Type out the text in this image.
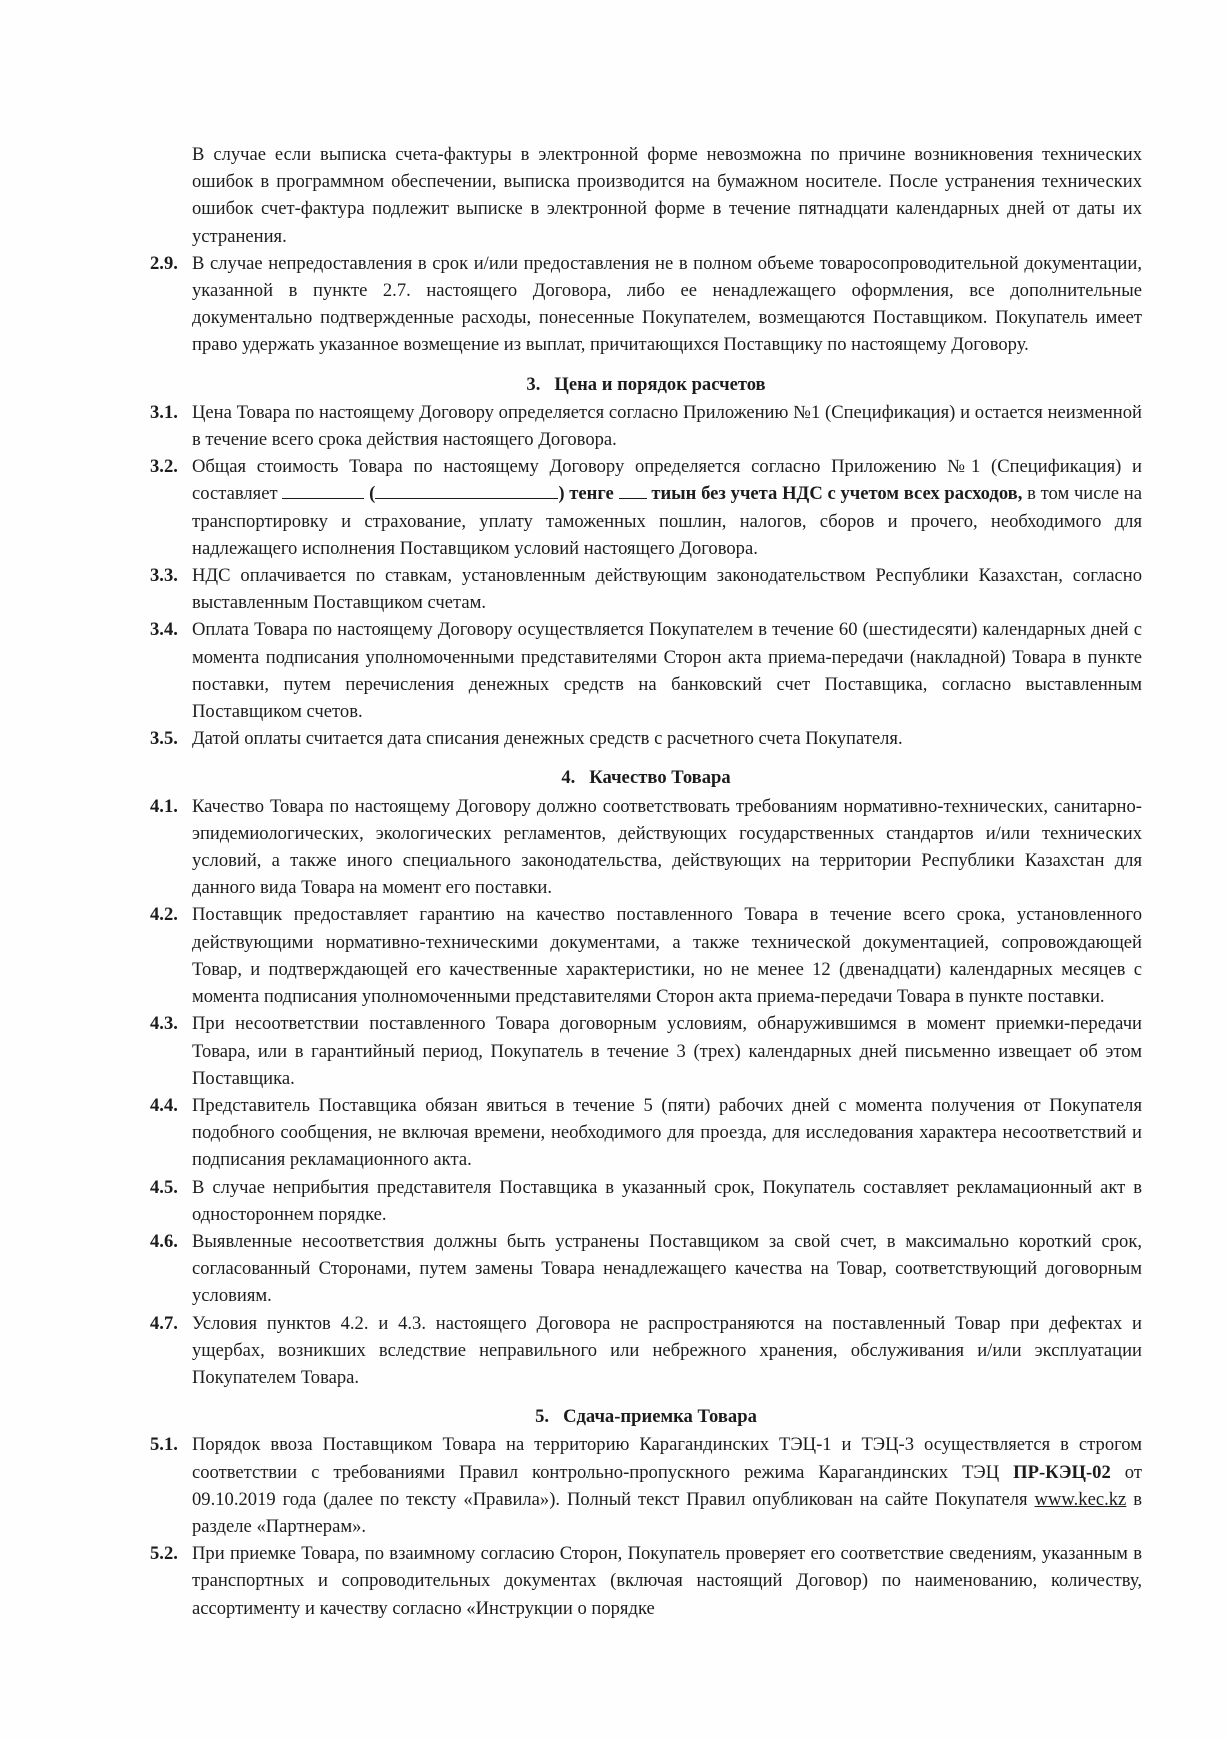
В случае если выписка счета-фактуры в электронной форме невозможна по причине возникновения технических ошибок в программном обеспечении, выписка производится на бумажном носителе. После устранения технических ошибок счет-фактура подлежит выписке в электронной форме в течение пятнадцати календарных дней от даты их устранения.
2.9. В случае непредоставления в срок и/или предоставления не в полном объеме товаросопроводительной документации, указанной в пункте 2.7. настоящего Договора, либо ее ненадлежащего оформления, все дополнительные документально подтвержденные расходы, понесенные Покупателем, возмещаются Поставщиком. Покупатель имеет право удержать указанное возмещение из выплат, причитающихся Поставщику по настоящему Договору.
3. Цена и порядок расчетов
3.1. Цена Товара по настоящему Договору определяется согласно Приложению №1 (Спецификация) и остается неизменной в течение всего срока действия настоящего Договора.
3.2. Общая стоимость Товара по настоящему Договору определяется согласно Приложению №1 (Спецификация) и составляет	(	) тенге тиын без учета НДС с учетом всех расходов, в том числе на транспортировку и страхование, уплату таможенных пошлин, налогов, сборов и прочего, необходимого для надлежащего исполнения Поставщиком условий настоящего Договора.
3.3. НДС оплачивается по ставкам, установленным действующим законодательством Республики Казахстан, согласно выставленным Поставщиком счетам.
3.4. Оплата Товара по настоящему Договору осуществляется Покупателем в течение 60 (шестидесяти) календарных дней с момента подписания уполномоченными представителями Сторон акта приема-передачи (накладной) Товара в пункте поставки, путем перечисления денежных средств на банковский счет Поставщика, согласно выставленным Поставщиком счетов.
3.5. Датой оплаты считается дата списания денежных средств с расчетного счета Покупателя.
4. Качество Товара
4.1. Качество Товара по настоящему Договору должно соответствовать требованиям нормативно-технических, санитарно-эпидемиологических, экологических регламентов, действующих государственных стандартов и/или технических условий, а также иного специального законодательства, действующих на территории Республики Казахстан для данного вида Товара на момент его поставки.
4.2. Поставщик предоставляет гарантию на качество поставленного Товара в течение всего срока, установленного действующими нормативно-техническими документами, а также технической документацией, сопровождающей Товар, и подтверждающей его качественные характеристики, но не менее 12 (двенадцати) календарных месяцев с момента подписания уполномоченными представителями Сторон акта приема-передачи Товара в пункте поставки.
4.3. При несоответствии поставленного Товара договорным условиям, обнаружившимся в момент приемки-передачи Товара, или в гарантийный период, Покупатель в течение 3 (трех) календарных дней письменно извещает об этом Поставщика.
4.4. Представитель Поставщика обязан явиться в течение 5 (пяти) рабочих дней с момента получения от Покупателя подобного сообщения, не включая времени, необходимого для проезда, для исследования характера несоответствий и подписания рекламационного акта.
4.5. В случае неприбытия представителя Поставщика в указанный срок, Покупатель составляет рекламационный акт в одностороннем порядке.
4.6. Выявленные несоответствия должны быть устранены Поставщиком за свой счет, в максимально короткий срок, согласованный Сторонами, путем замены Товара ненадлежащего качества на Товар, соответствующий договорным условиям.
4.7. Условия пунктов 4.2. и 4.3. настоящего Договора не распространяются на поставленный Товар при дефектах и ущербах, возникших вследствие неправильного или небрежного хранения, обслуживания и/или эксплуатации Покупателем Товара.
5. Сдача-приемка Товара
5.1. Порядок ввоза Поставщиком Товара на территорию Карагандинских ТЭЦ-1 и ТЭЦ-3 осуществляется в строгом соответствии с требованиями Правил контрольно-пропускного режима Карагандинских ТЭЦ ПР-КЭЦ-02 от 09.10.2019 года (далее по тексту «Правила»). Полный текст Правил опубликован на сайте Покупателя www.kec.kz в разделе «Партнерам».
5.2. При приемке Товара, по взаимному согласию Сторон, Покупатель проверяет его соответствие сведениям, указанным в транспортных и сопроводительных документах (включая настоящий Договор) по наименованию, количеству, ассортименту и качеству согласно «Инструкции о порядке
